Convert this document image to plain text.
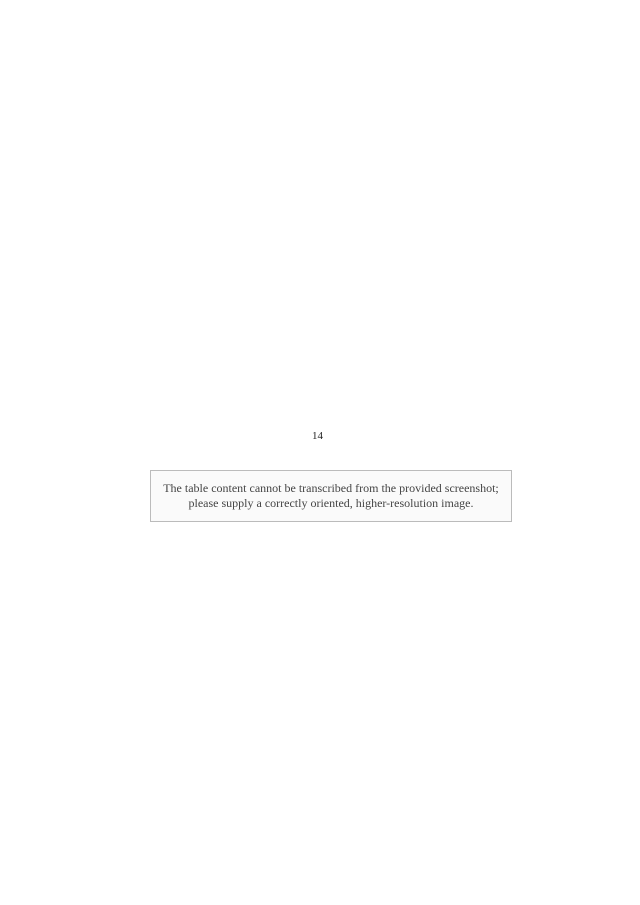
14
The table content cannot be transcribed from the provided screenshot; please supply a correctly oriented, higher-resolution image.
